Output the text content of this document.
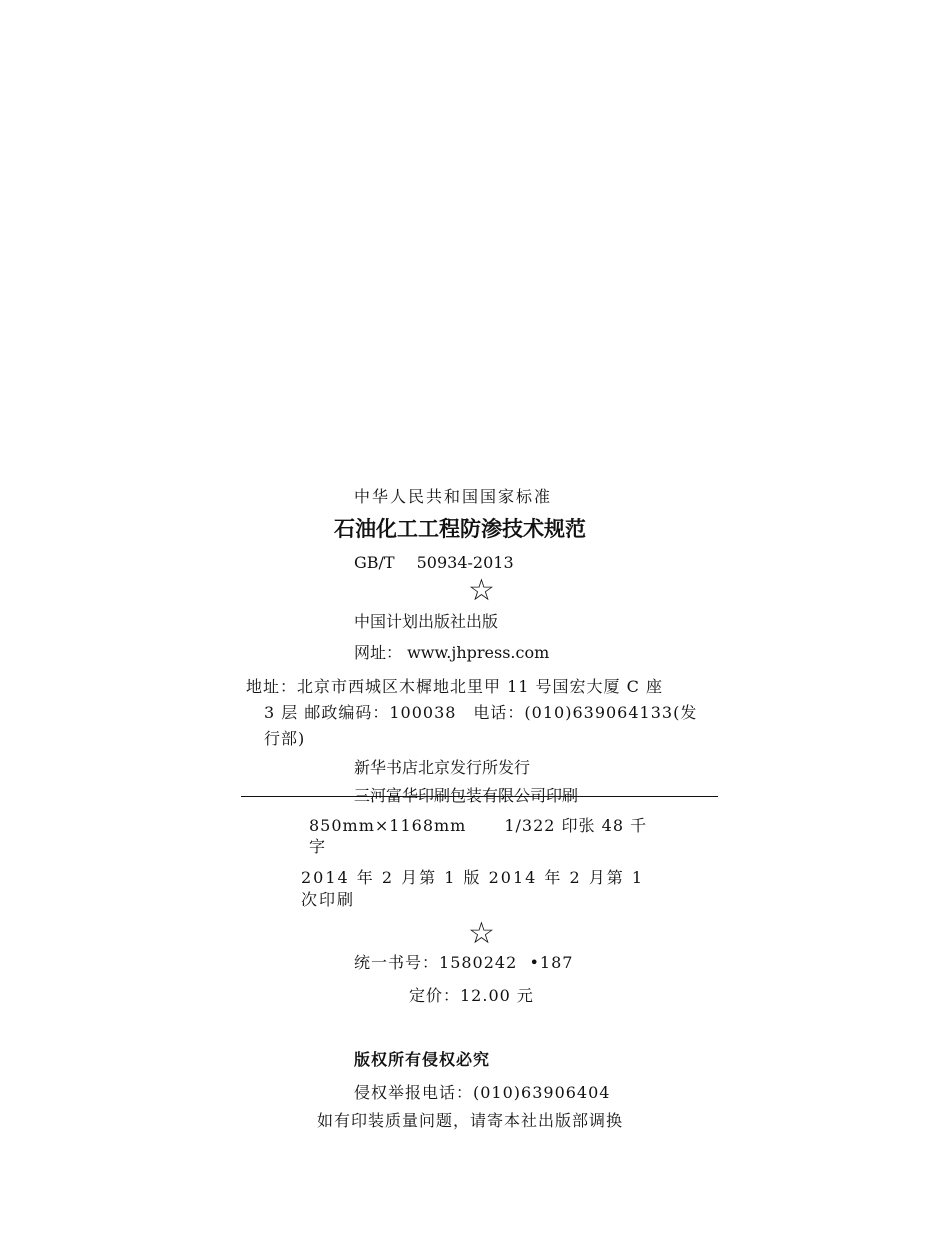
中华人民共和国国家标准
石油化工工程防渗技术规范
GB/T 50934-2013
☆
中国计划出版社出版
网址： www.jhpress.com
地址：北京市西城区木樨地北里甲 11 号国宏大厦 C 座
3 层 邮政编码：100038　电话：(010)639064133(发
行部)
新华书店北京发行所发行
三河富华印刷包装有限公司印刷
850mm×1168mm 1/322 印张 48 千
字
2014 年 2 月第 1 版 2014 年 2 月第 1
次印刷
☆
统一书号：1580242 •187
定价：12.00 元
版权所有侵权必究
侵权举报电话：(010)63906404
如有印装质量问题，请寄本社出版部调换
